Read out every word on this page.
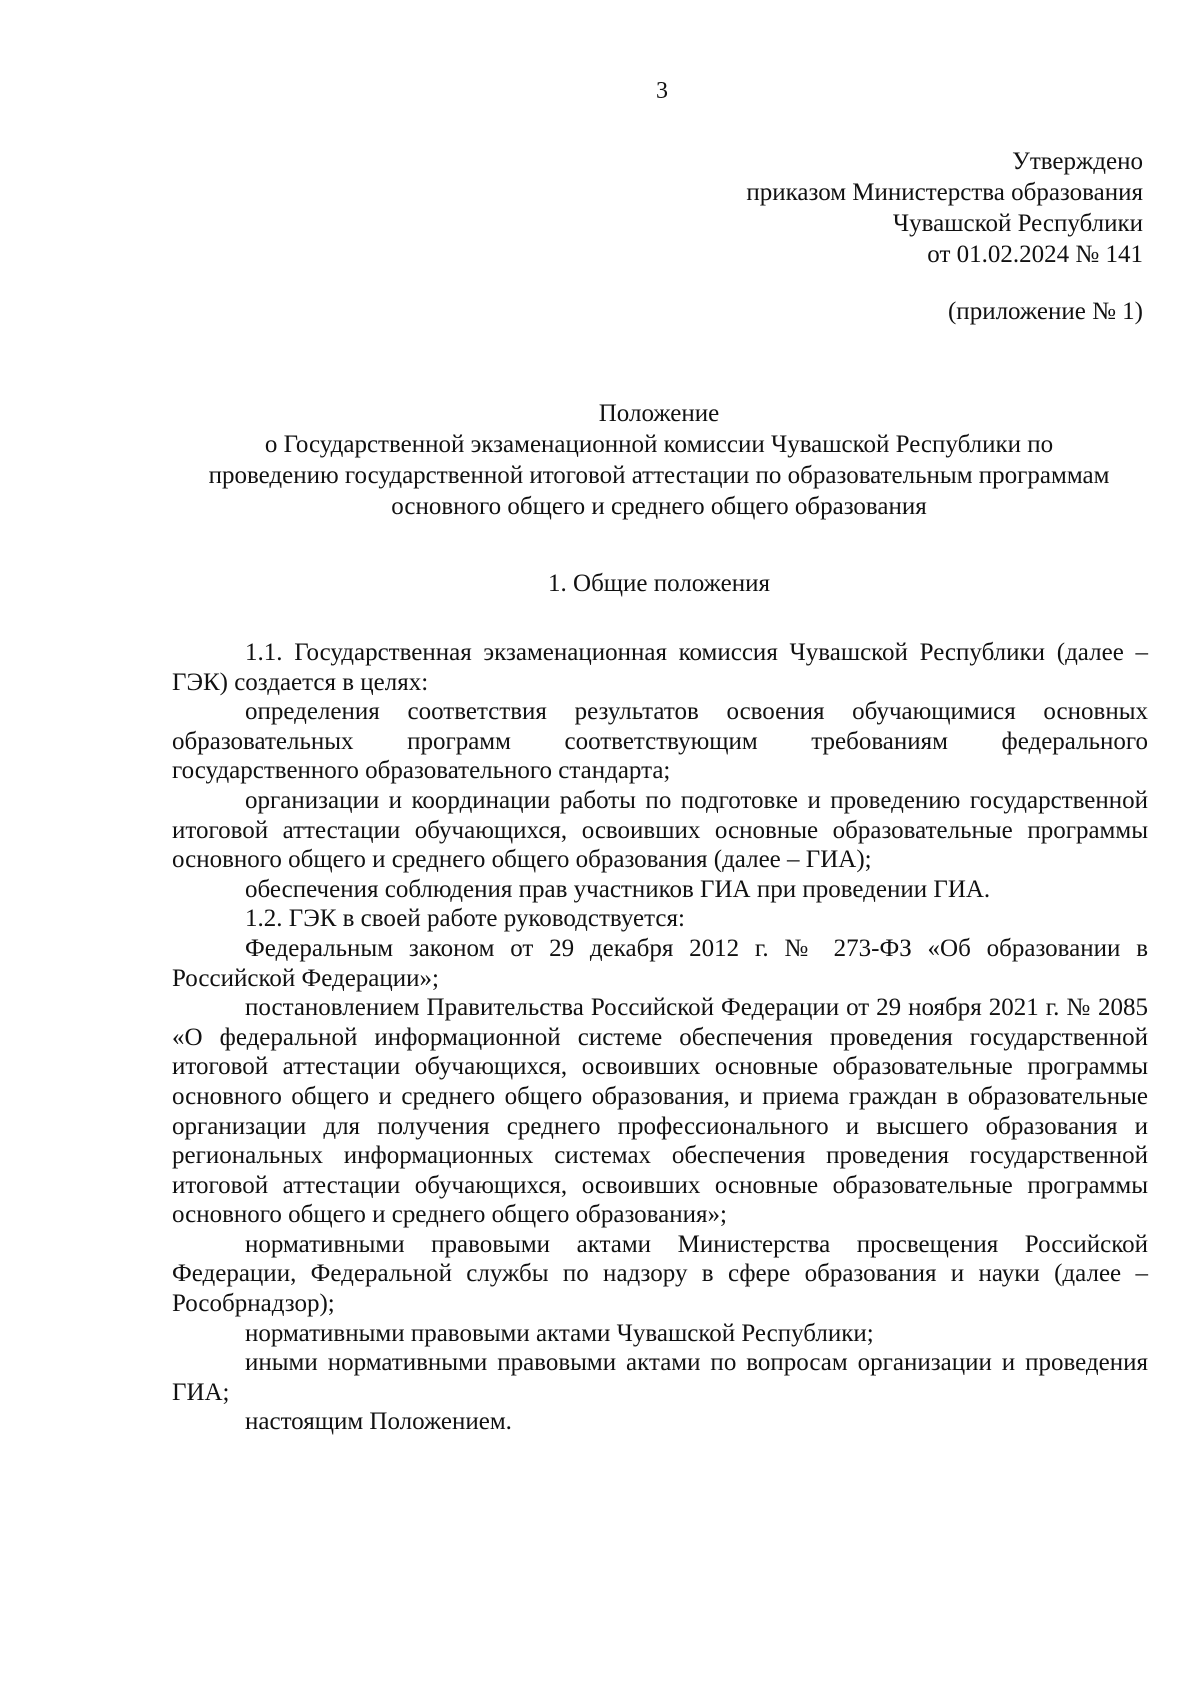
3
Утверждено
приказом Министерства образования
Чувашской Республики
от 01.02.2024 № 141
(приложение № 1)
Положение
о Государственной экзаменационной комиссии Чувашской Республики по
проведению государственной итоговой аттестации по образовательным программам
основного общего и среднего общего образования
1. Общие положения

1.1. Государственная экзаменационная комиссия Чувашской Республики (далее – ГЭК) создается в целях:

определения соответствия результатов освоения обучающимися основных образовательных программ соответствующим требованиям федерального государственного образовательного стандарта;

организации и координации работы по подготовке и проведению государственной итоговой аттестации обучающихся, освоивших основные образовательные программы основного общего и среднего общего образования (далее – ГИА);

обеспечения соблюдения прав участников ГИА при проведении ГИА.

1.2. ГЭК в своей работе руководствуется:

Федеральным законом от 29 декабря 2012 г. № 273-ФЗ «Об образовании в Российской Федерации»;

постановлением Правительства Российской Федерации от 29 ноября 2021 г. № 2085 «О федеральной информационной системе обеспечения проведения государственной итоговой аттестации обучающихся, освоивших основные образовательные программы основного общего и среднего общего образования, и приема граждан в образовательные организации для получения среднего профессионального и высшего образования и региональных информационных системах обеспечения проведения государственной итоговой аттестации обучающихся, освоивших основные образовательные программы основного общего и среднего общего образования»;

нормативными правовыми актами Министерства просвещения Российской Федерации, Федеральной службы по надзору в сфере образования и науки (далее – Рособрнадзор);

нормативными правовыми актами Чувашской Республики;

иными нормативными правовыми актами по вопросам организации и проведения ГИА;

настоящим Положением.
